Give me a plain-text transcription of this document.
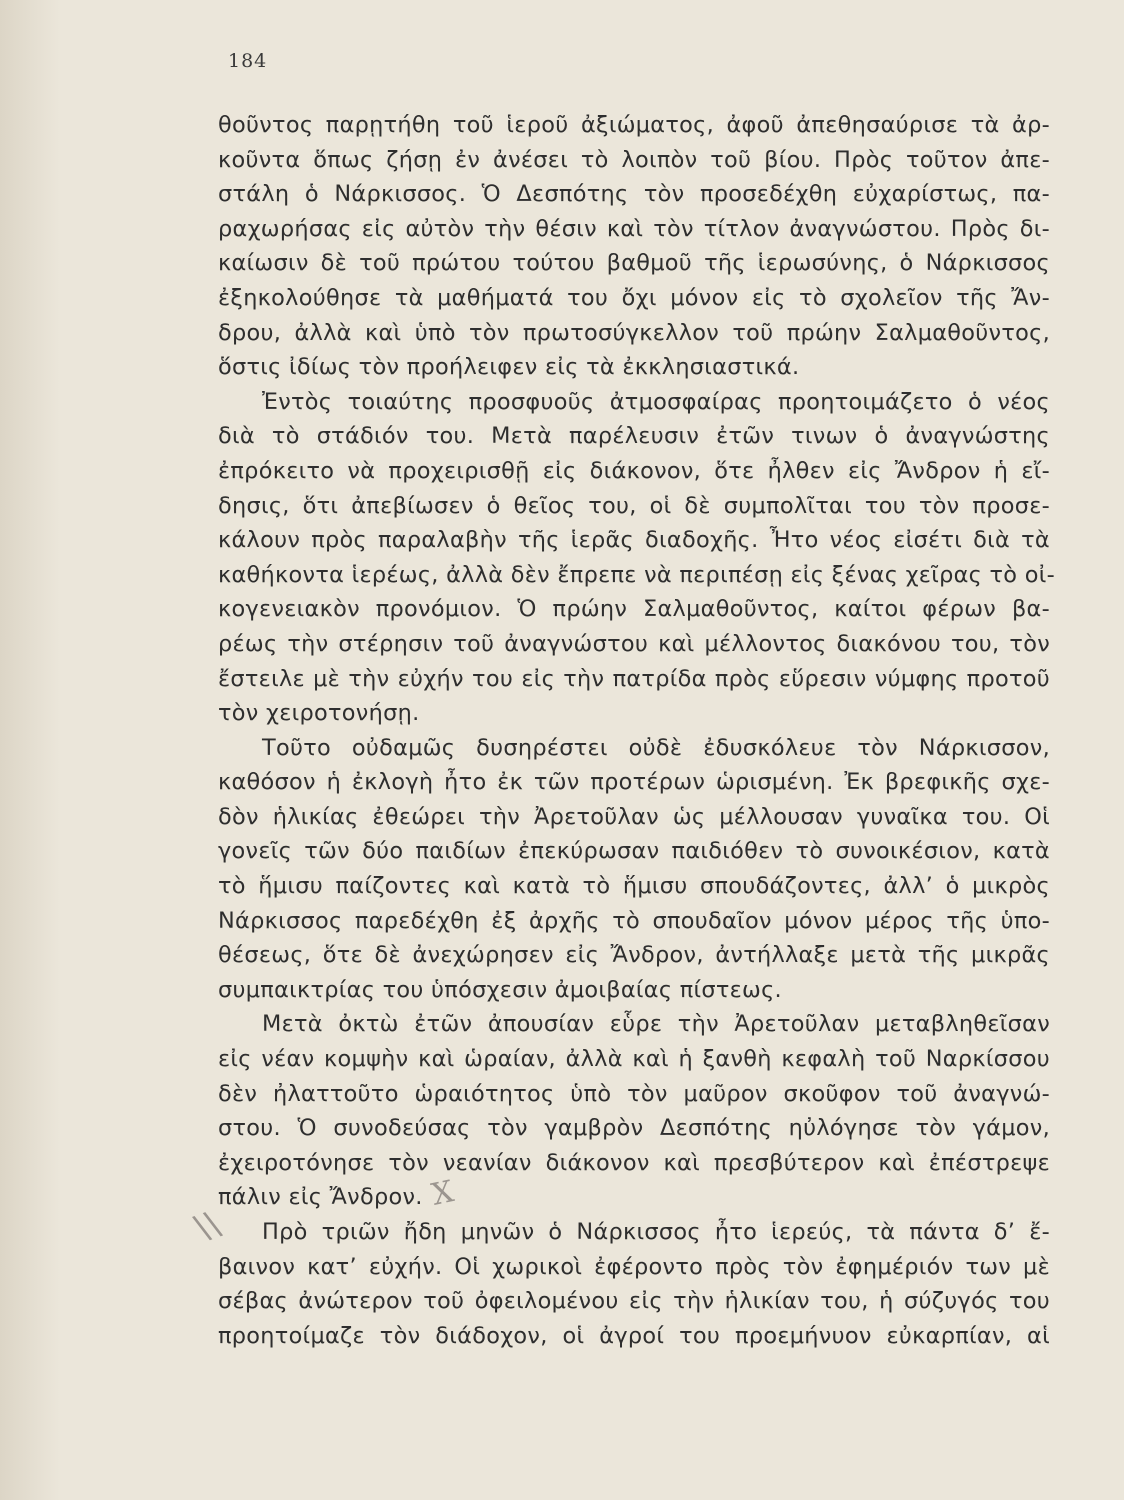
184
θοῦντος παρῃτήθη τοῦ ἱεροῦ ἀξιώματος, ἀφοῦ ἀπεθησαύρισε τὰ ἀρ-
κοῦντα ὅπως ζήσῃ ἐν ἀνέσει τὸ λοιπὸν τοῦ βίου. Πρὸς τοῦτον ἀπε-
στάλη ὁ Νάρκισσος. Ὁ Δεσπότης τὸν προσεδέχθη εὐχαρίστως, πα-
ραχωρήσας εἰς αὐτὸν τὴν θέσιν καὶ τὸν τίτλον ἀναγνώστου. Πρὸς δι-
καίωσιν δὲ τοῦ πρώτου τούτου βαθμοῦ τῆς ἱερωσύνης, ὁ Νάρκισσος
ἐξηκολούθησε τὰ μαθήματά του ὄχι μόνον εἰς τὸ σχολεῖον τῆς Ἄν-
δρου, ἀλλὰ καὶ ὑπὸ τὸν πρωτοσύγκελλον τοῦ πρώην Σαλμαθοῦντος,
ὅστις ἰδίως τὸν προήλειφεν εἰς τὰ ἐκκλησιαστικά.
Ἐντὸς τοιαύτης προσφυοῦς ἀτμοσφαίρας προητοιμάζετο ὁ νέος
διὰ τὸ στάδιόν του. Μετὰ παρέλευσιν ἐτῶν τινων ὁ ἀναγνώστης
ἐπρόκειτο νὰ προχειρισθῇ εἰς διάκονον, ὅτε ἦλθεν εἰς Ἄνδρον ἡ εἴ-
δησις, ὅτι ἀπεβίωσεν ὁ θεῖος του, οἱ δὲ συμπολῖται του τὸν προσε-
κάλουν πρὸς παραλαβὴν τῆς ἱερᾶς διαδοχῆς. Ἦτο νέος εἰσέτι διὰ τὰ
καθήκοντα ἱερέως, ἀλλὰ δὲν ἔπρεπε νὰ περιπέσῃ εἰς ξένας χεῖρας τὸ οἰ-
κογενειακὸν προνόμιον. Ὁ πρώην Σαλμαθοῦντος, καίτοι φέρων βα-
ρέως τὴν στέρησιν τοῦ ἀναγνώστου καὶ μέλλοντος διακόνου του, τὸν
ἔστειλε μὲ τὴν εὐχήν του εἰς τὴν πατρίδα πρὸς εὕρεσιν νύμφης προτοῦ
τὸν χειροτονήσῃ.
Τοῦτο οὐδαμῶς δυσηρέστει οὐδὲ ἐδυσκόλευε τὸν Νάρκισσον,
καθόσον ἡ ἐκλογὴ ἦτο ἐκ τῶν προτέρων ὡρισμένη. Ἐκ βρεφικῆς σχε-
δὸν ἡλικίας ἐθεώρει τὴν Ἀρετοῦλαν ὡς μέλλουσαν γυναῖκα του. Οἱ
γονεῖς τῶν δύο παιδίων ἐπεκύρωσαν παιδιόθεν τὸ συνοικέσιον, κατὰ
τὸ ἥμισυ παίζοντες καὶ κατὰ τὸ ἥμισυ σπουδάζοντες, ἀλλ’ ὁ μικρὸς
Νάρκισσος παρεδέχθη ἐξ ἀρχῆς τὸ σπουδαῖον μόνον μέρος τῆς ὑπο-
θέσεως, ὅτε δὲ ἀνεχώρησεν εἰς Ἄνδρον, ἀντήλλαξε μετὰ τῆς μικρᾶς
συμπαικτρίας του ὑπόσχεσιν ἀμοιβαίας πίστεως.
Μετὰ ὀκτὼ ἐτῶν ἀπουσίαν εὗρε τὴν Ἀρετοῦλαν μεταβληθεῖσαν
εἰς νέαν κομψὴν καὶ ὡραίαν, ἀλλὰ καὶ ἡ ξανθὴ κεφαλὴ τοῦ Ναρκίσσου
δὲν ἠλαττοῦτο ὡραιότητος ὑπὸ τὸν μαῦρον σκοῦφον τοῦ ἀναγνώ-
στου. Ὁ συνοδεύσας τὸν γαμβρὸν Δεσπότης ηὐλόγησε τὸν γάμον,
ἐχειροτόνησε τὸν νεανίαν διάκονον καὶ πρεσβύτερον καὶ ἐπέστρεψε
πάλιν εἰς Ἄνδρον.
Πρὸ τριῶν ἤδη μηνῶν ὁ Νάρκισσος ἦτο ἱερεύς, τὰ πάντα δ’ ἔ-
βαινον κατ’ εὐχήν. Οἱ χωρικοὶ ἐφέροντο πρὸς τὸν ἐφημέριόν των μὲ
σέβας ἀνώτερον τοῦ ὀφειλομένου εἰς τὴν ἡλικίαν του, ἡ σύζυγός του
προητοίμαζε τὸν διάδοχον, οἱ ἀγροί του προεμήνυον εὐκαρπίαν, αἱ
X
\\
